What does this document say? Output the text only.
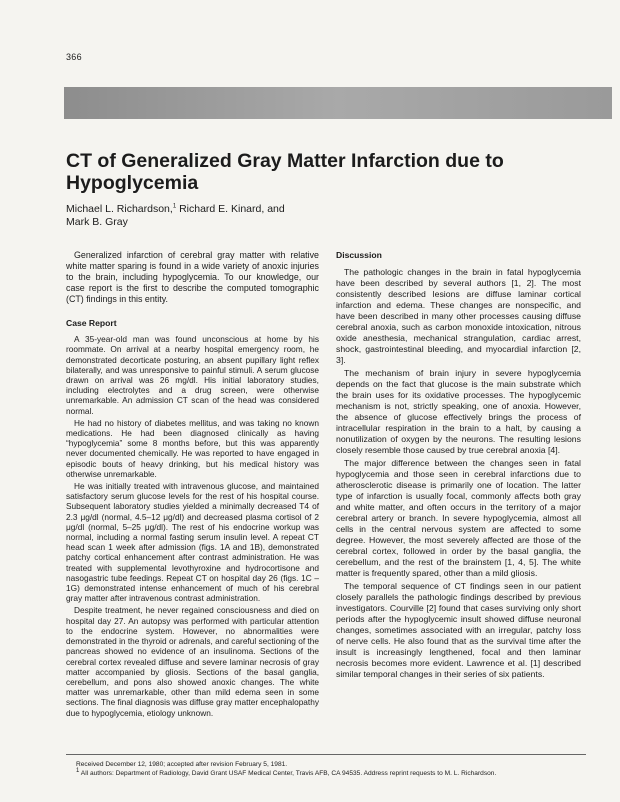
366
CT of Generalized Gray Matter Infarction due to Hypoglycemia
Michael L. Richardson,$^1$ Richard E. Kinard, and
Mark B. Gray

Generalized infarction of cerebral gray matter with relative white matter sparing is found in a wide variety of anoxic injuries to the brain, including hypoglycemia. To our knowledge, our case report is the first to describe the computed tomographic (CT) findings in this entity.

Case Report

A 35-year-old man was found unconscious at home by his roommate. On arrival at a nearby hospital emergency room, he demonstrated decorticate posturing, an absent pupillary light reflex bilaterally, and was unresponsive to painful stimuli. A serum glucose drawn on arrival was 26 mg/dl. His initial laboratory studies, including electrolytes and a drug screen, were otherwise unremarkable. An admission CT scan of the head was considered normal.

He had no history of diabetes mellitus, and was taking no known medications. He had been diagnosed clinically as having “hypoglycemia” some 8 months before, but this was apparently never documented chemically. He was reported to have engaged in episodic bouts of heavy drinking, but his medical history was otherwise unremarkable.

He was initially treated with intravenous glucose, and maintained satisfactory serum glucose levels for the rest of his hospital course. Subsequent laboratory studies yielded a minimally decreased T4 of 2.3 μg/dl (normal, 4.5–12 μg/dl) and decreased plasma cortisol of 2 μg/dl (normal, 5–25 μg/dl). The rest of his endocrine workup was normal, including a normal fasting serum insulin level. A repeat CT head scan 1 week after admission (figs. 1A and 1B), demonstrated patchy cortical enhancement after contrast administration. He was treated with supplemental levothyroxine and hydrocortisone and nasogastric tube feedings. Repeat CT on hospital day 26 (figs. 1C – 1G) demonstrated intense enhancement of much of his cerebral gray matter after intravenous contrast administration.

Despite treatment, he never regained consciousness and died on hospital day 27. An autopsy was performed with particular attention to the endocrine system. However, no abnormalities were demonstrated in the thyroid or adrenals, and careful sectioning of the pancreas showed no evidence of an insulinoma. Sections of the cerebral cortex revealed diffuse and severe laminar necrosis of gray matter accompanied by gliosis. Sections of the basal ganglia, cerebellum, and pons also showed anoxic changes. The white matter was unremarkable, other than mild edema seen in some sections. The final diagnosis was diffuse gray matter encephalopathy due to hypoglycemia, etiology unknown.

Discussion

The pathologic changes in the brain in fatal hypoglycemia have been described by several authors [1, 2]. The most consistently described lesions are diffuse laminar cortical infarction and edema. These changes are nonspecific, and have been described in many other processes causing diffuse cerebral anoxia, such as carbon monoxide intoxication, nitrous oxide anesthesia, mechanical strangulation, cardiac arrest, shock, gastrointestinal bleeding, and myocardial infarction [2, 3].

The mechanism of brain injury in severe hypoglycemia depends on the fact that glucose is the main substrate which the brain uses for its oxidative processes. The hypoglycemic mechanism is not, strictly speaking, one of anoxia. However, the absence of glucose effectively brings the process of intracellular respiration in the brain to a halt, by causing a nonutilization of oxygen by the neurons. The resulting lesions closely resemble those caused by true cerebral anoxia [4].

The major difference between the changes seen in fatal hypoglycemia and those seen in cerebral infarctions due to atherosclerotic disease is primarily one of location. The latter type of infarction is usually focal, commonly affects both gray and white matter, and often occurs in the territory of a major cerebral artery or branch. In severe hypoglycemia, almost all cells in the central nervous system are affected to some degree. However, the most severely affected are those of the cerebral cortex, followed in order by the basal ganglia, the cerebellum, and the rest of the brainstem [1, 4, 5]. The white matter is frequently spared, other than a mild gliosis.

The temporal sequence of CT findings seen in our patient closely parallels the pathologic findings described by previous investigators. Courville [2] found that cases surviving only short periods after the hypoglycemic insult showed diffuse neuronal changes, sometimes associated with an irregular, patchy loss of nerve cells. He also found that as the survival time after the insult is increasingly lengthened, focal and then laminar necrosis becomes more evident. Lawrence et al. [1] described similar temporal changes in their series of six patients.

Received December 12, 1980; accepted after revision February 5, 1981.
$^1$ All authors: Department of Radiology, David Grant USAF Medical Center, Travis AFB, CA 94535. Address reprint requests to M. L. Richardson.
